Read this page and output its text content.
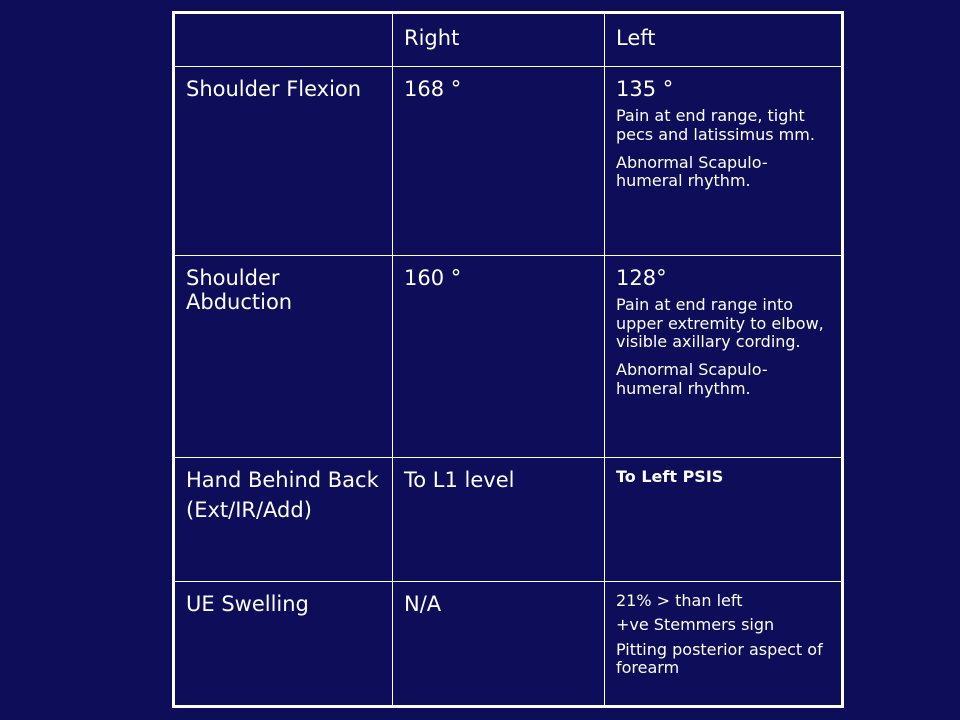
	Right	Left

Shoulder Flexion	168 °	135 °
Pain at end range, tight pecs and latissimus mm.
Abnormal Scapulo-humeral rhythm.

Shoulder Abduction	160 °	128°
Pain at end range into upper extremity to elbow, visible axillary cording.
Abnormal Scapulo-humeral rhythm.

Hand Behind Back
(Ext/IR/Add)	To L1 level	To Left PSIS

UE Swelling	N/A	21% > than left
+ve Stemmers sign
Pitting posterior aspect of forearm
